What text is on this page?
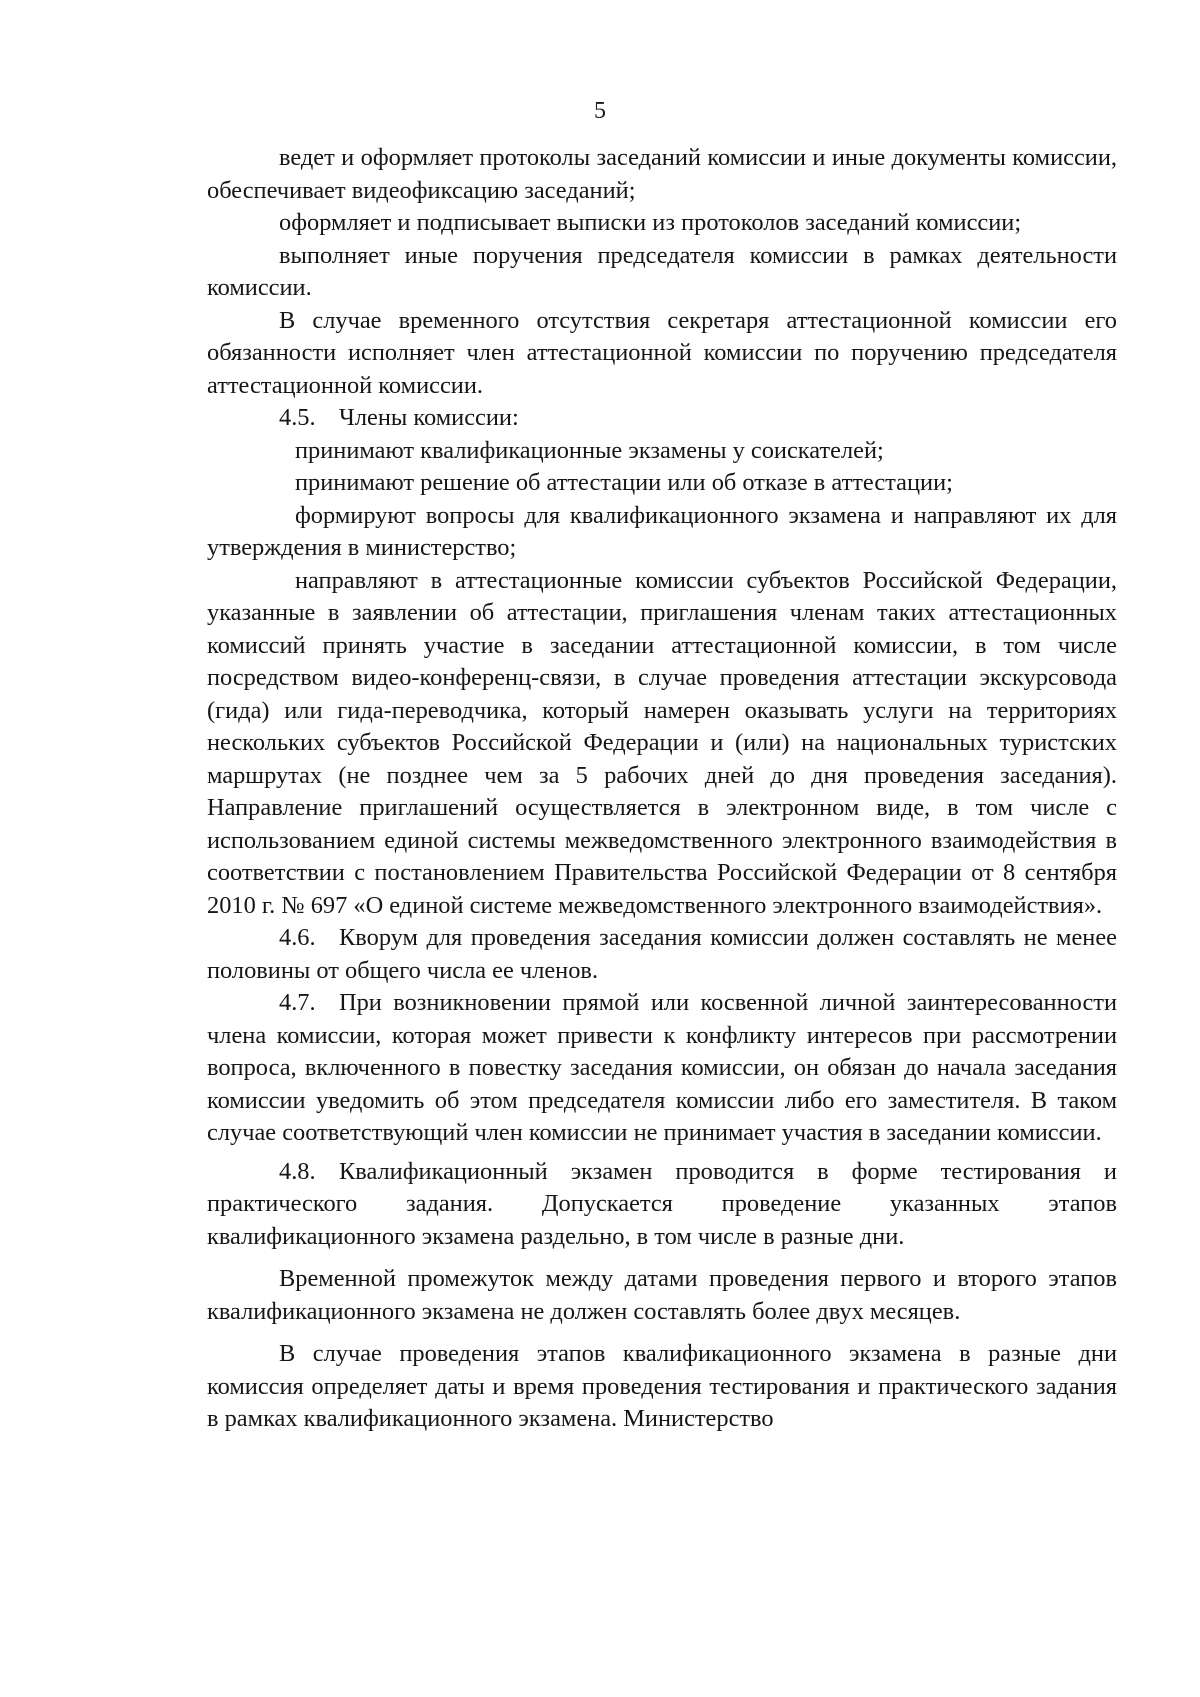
5

ведет и оформляет протоколы заседаний комиссии и иные документы комиссии, обеспечивает видеофиксацию заседаний;

оформляет и подписывает выписки из протоколов заседаний комиссии;

выполняет иные поручения председателя комиссии в рамках деятельности комиссии.

В случае временного отсутствия секретаря аттестационной комиссии его обязанности исполняет член аттестационной комиссии по поручению председателя аттестационной комиссии.

4.5. Члены комиссии:

принимают квалификационные экзамены у соискателей;

принимают решение об аттестации или об отказе в аттестации;

формируют вопросы для квалификационного экзамена и направляют их для утверждения в министерство;

направляют в аттестационные комиссии субъектов Российской Федерации, указанные в заявлении об аттестации, приглашения членам таких аттестационных комиссий принять участие в заседании аттестационной комиссии, в том числе посредством видео-конференц-связи, в случае проведения аттестации экскурсовода (гида) или гида-переводчика, который намерен оказывать услуги на территориях нескольких субъектов Российской Федерации и (или) на национальных туристских маршрутах (не позднее чем за 5 рабочих дней до дня проведения заседания). Направление приглашений осуществляется в электронном виде, в том числе с использованием единой системы межведомственного электронного взаимодействия в соответствии с постановлением Правительства Российской Федерации от 8 сентября 2010 г. № 697 «О единой системе межведомственного электронного взаимодействия».

4.6. Кворум для проведения заседания комиссии должен составлять не менее половины от общего числа ее членов.

4.7. При возникновении прямой или косвенной личной заинтересованности члена комиссии, которая может привести к конфликту интересов при рассмотрении вопроса, включенного в повестку заседания комиссии, он обязан до начала заседания комиссии уведомить об этом председателя комиссии либо его заместителя. В таком случае соответствующий член комиссии не принимает участия в заседании комиссии.

4.8. Квалификационный экзамен проводится в форме тестирования и практического задания. Допускается проведение указанных этапов квалификационного экзамена раздельно, в том числе в разные дни.

Временной промежуток между датами проведения первого и второго этапов квалификационного экзамена не должен составлять более двух месяцев.

В случае проведения этапов квалификационного экзамена в разные дни комиссия определяет даты и время проведения тестирования и практического задания в рамках квалификационного экзамена. Министерство
